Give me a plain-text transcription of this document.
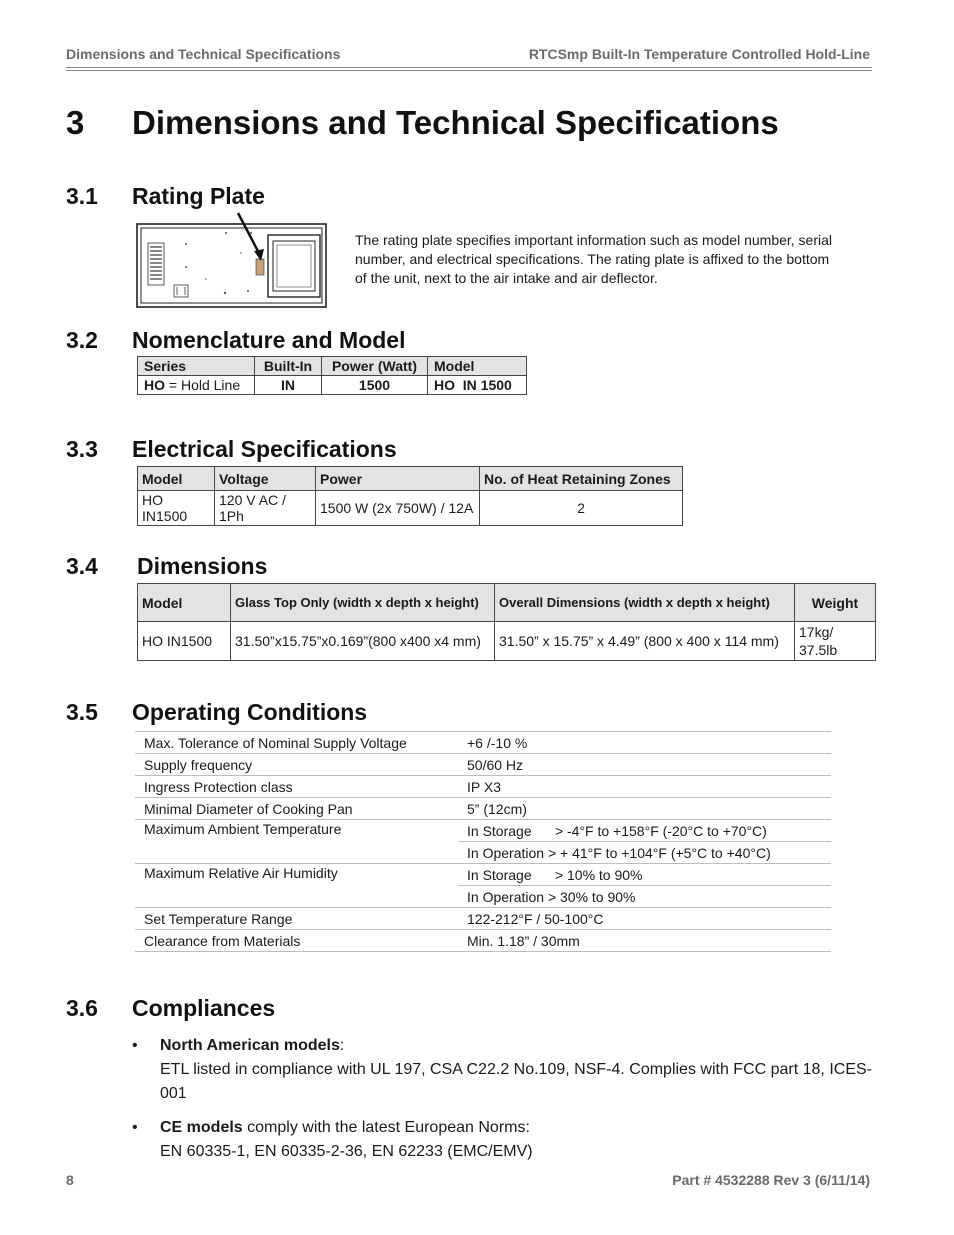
Dimensions and Technical Specifications	RTCSmp Built-In Temperature Controlled Hold-Line
3 Dimensions and Technical Specifications
3.1 Rating Plate

The rating plate specifies important information such as model number, serial number, and electrical specifications. The rating plate is affixed to the bottom of the unit, next to the air intake and air deflector.

3.2 Nomenclature and Model
Series	Built-In	Power (Watt)	Model
HO = Hold Line	IN	1500	HO  IN 1500
3.3 Electrical Specifications
Model	Voltage	Power	No. of Heat Retaining Zones
HO IN1500	120 V AC / 1Ph	1500 W (2x 750W) / 12A	2
3.4 Dimensions
Model	Glass Top Only (width x depth x height)	Overall Dimensions (width x depth x height)	Weight
HO IN1500	31.50”x15.75”x0.169”(800 x400 x4 mm)	31.50” x 15.75” x 4.49” (800 x 400 x 114 mm)	17kg/ 37.5lb
3.5 Operating Conditions
Max. Tolerance of Nominal Supply Voltage	+6 /-10 %
Supply frequency	50/60 Hz
Ingress Protection class	IP X3
Minimal Diameter of Cooking Pan	5” (12cm)
Maximum Ambient Temperature	In Storage      > -4°F to +158°F (-20°C to +70°C)
	In Operation > + 41°F to +104°F (+5°C to +40°C)
Maximum Relative Air Humidity	In Storage      > 10% to 90%
	In Operation > 30% to 90%
Set Temperature Range	122-212°F / 50-100°C
Clearance from Materials	Min. 1.18” / 30mm
3.6 Compliances
• North American models:
ETL listed in compliance with UL 197, CSA C22.2 No.109, NSF-4. Complies with FCC part 18, ICES-001
• CE models comply with the latest European Norms:
EN 60335-1, EN 60335-2-36, EN 62233 (EMC/EMV)
8	Part # 4532288 Rev 3 (6/11/14)
